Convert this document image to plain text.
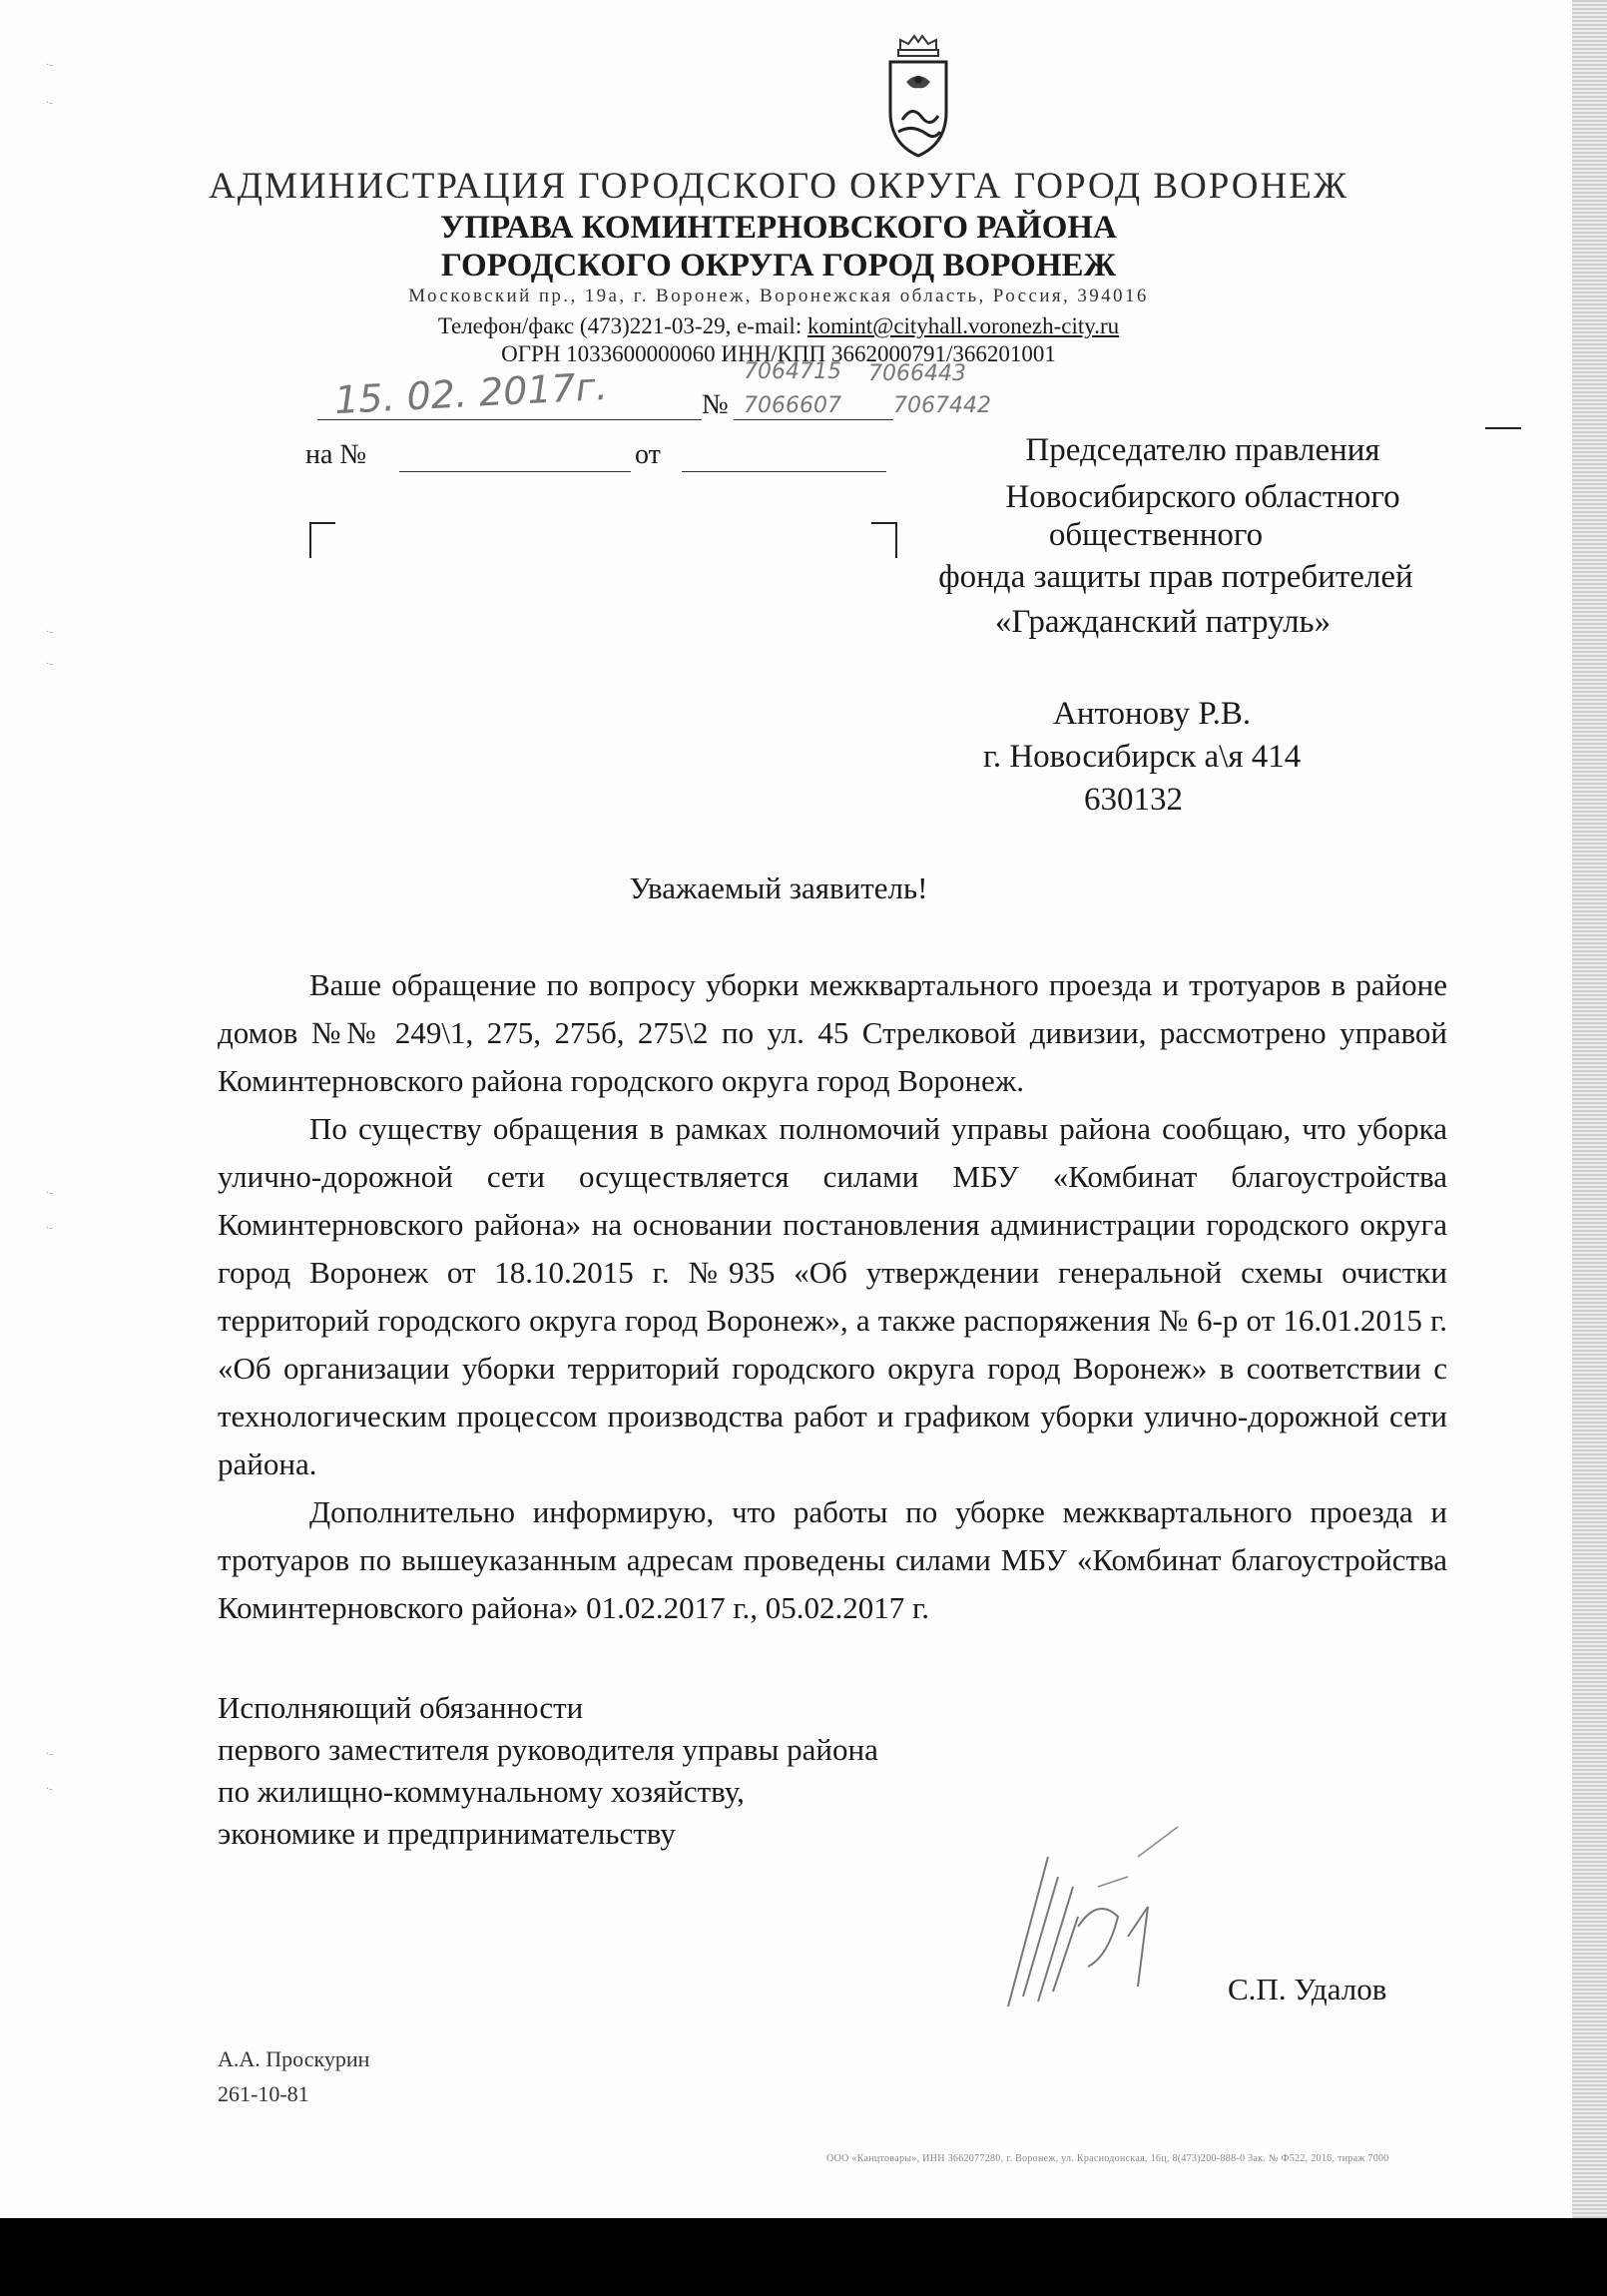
АДМИНИСТРАЦИЯ ГОРОДСКОГО ОКРУГА ГОРОД ВОРОНЕЖ
УПРАВА КОМИНТЕРНОВСКОГО РАЙОНА
ГОРОДСКОГО ОКРУГА ГОРОД ВОРОНЕЖ
Московский пр., 19а, г. Воронеж, Воронежская область, Россия, 394016
Телефон/факс (473)221-03-29, e-mail: komint@cityhall.voronezh-city.ru
ОГРН 1033600000060 ИНН/КПП 3662000791/366201001
15. 02. 2017г.	№
7064715 7066443
7066607 7067442
на №	от	Председателю правления
Новосибирского областного
общественного
фонда защиты прав потребителей
«Гражданский патруль»
Антонову Р.В.
г. Новосибирск а\я 414
630132
Уважаемый заявитель!

Ваше обращение по вопросу уборки межквартального проезда и тротуаров в районе домов №№ 249\1, 275, 275б, 275\2 по ул. 45 Стрелковой дивизии, рассмотрено управой Коминтерновского района городского округа город Воронеж.

По существу обращения в рамках полномочий управы района сообщаю, что уборка улично-дорожной сети осуществляется силами МБУ «Комбинат благоустройства Коминтерновского района» на основании постановления администрации городского округа город Воронеж от 18.10.2015 г. №935 «Об утверждении генеральной схемы очистки территорий городского округа город Воронеж», а также распоряжения № 6-р от 16.01.2015 г. «Об организации уборки территорий городского округа город Воронеж» в соответствии с технологическим процессом производства работ и графиком уборки улично-дорожной сети района.

Дополнительно информирую, что работы по уборке межквартального проезда и тротуаров по вышеуказанным адресам проведены силами МБУ «Комбинат благоустройства Коминтерновского района» 01.02.2017 г., 05.02.2017 г.

Исполняющий обязанности
первого заместителя руководителя управы района
по жилищно-коммунальному хозяйству,
экономике и предпринимательству
С.П. Удалов
А.А. Проскурин
261-10-81
ООО «Канцтовары», ИНН 3662077280, г. Воронеж, ул. Краснодонская, 16ц, 8(473)200-888-0 Зак. № Ф522, 2016, тираж 7000
·-
·-
·-
·-
·-
·-
·-
·-
